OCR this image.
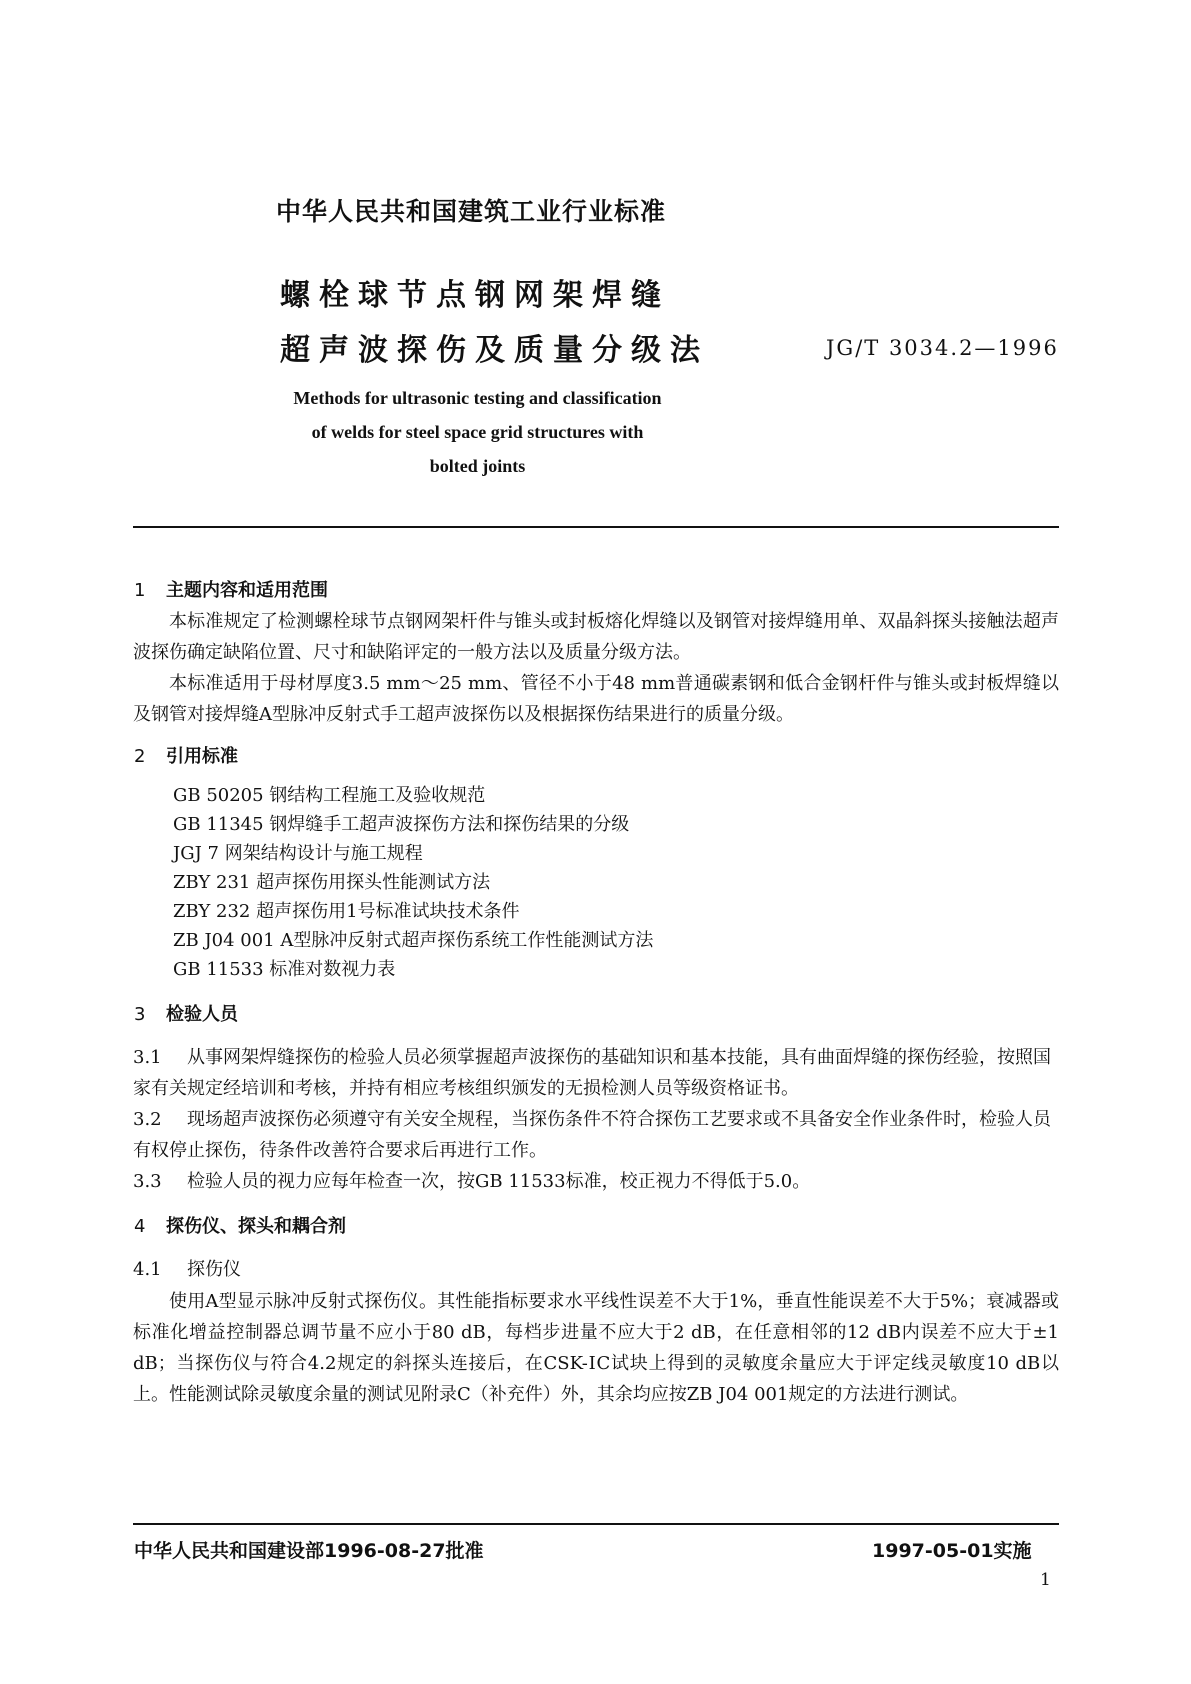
中华人民共和国建筑工业行业标准
螺栓球节点钢网架焊缝
超声波探伤及质量分级法	JG/T 3034.2—1996
Methods for ultrasonic testing and classification
of welds for steel space grid structures with
bolted joints
1 主题内容和适用范围
本标准规定了检测螺栓球节点钢网架杆件与锥头或封板熔化焊缝以及钢管对接焊缝用单、双晶斜探头接触法超声波探伤确定缺陷位置、尺寸和缺陷评定的一般方法以及质量分级方法。
本标准适用于母材厚度3.5 mm～25 mm、管径不小于48 mm普通碳素钢和低合金钢杆件与锥头或封板焊缝以及钢管对接焊缝A型脉冲反射式手工超声波探伤以及根据探伤结果进行的质量分级。
2 引用标准
GB 50205 钢结构工程施工及验收规范
GB 11345 钢焊缝手工超声波探伤方法和探伤结果的分级
JGJ 7 网架结构设计与施工规程
ZBY 231 超声探伤用探头性能测试方法
ZBY 232 超声探伤用1号标准试块技术条件
ZB J04 001 A型脉冲反射式超声探伤系统工作性能测试方法
GB 11533 标准对数视力表
3 检验人员
3.1 从事网架焊缝探伤的检验人员必须掌握超声波探伤的基础知识和基本技能，具有曲面焊缝的探伤经验，按照国家有关规定经培训和考核，并持有相应考核组织颁发的无损检测人员等级资格证书。
3.2 现场超声波探伤必须遵守有关安全规程，当探伤条件不符合探伤工艺要求或不具备安全作业条件时，检验人员有权停止探伤，待条件改善符合要求后再进行工作。
3.3 检验人员的视力应每年检查一次，按GB 11533标准，校正视力不得低于5.0。
4 探伤仪、探头和耦合剂
4.1 探伤仪
使用A型显示脉冲反射式探伤仪。其性能指标要求水平线性误差不大于1%，垂直性能误差不大于5%；衰减器或标准化增益控制器总调节量不应小于80 dB，每档步进量不应大于2 dB，在任意相邻的12 dB内误差不应大于±1 dB；当探伤仪与符合4.2规定的斜探头连接后，在CSK-ⅠC试块上得到的灵敏度余量应大于评定线灵敏度10 dB以上。性能测试除灵敏度余量的测试见附录C（补充件）外，其余均应按ZB J04 001规定的方法进行测试。
中华人民共和国建设部1996-08-27批准	1997-05-01实施
1
